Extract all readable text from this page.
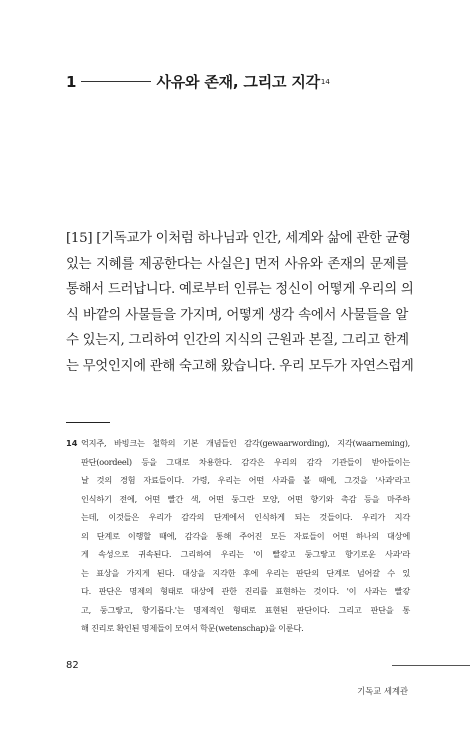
1	사유와 존재, 그리고 지각 14
[15] [기독교가 이처럼 하나님과 인간, 세계와 삶에 관한 균형
있는 지혜를 제공한다는 사실은] 먼저 사유와 존재의 문제를
통해서 드러납니다. 예로부터 인류는 정신이 어떻게 우리의 의
식 바깥의 사물들을 가지며, 어떻게 생각 속에서 사물들을 알
수 있는지, 그리하여 인간의 지식의 근원과 본질, 그리고 한계
는 무엇인지에 관해 숙고해 왔습니다. 우리 모두가 자연스럽게
14 억지주, 바빙크는 철학의 기본 개념들인 감각(gewaarwording), 지각(waarneming),
판단(oordeel) 등을 그대로 차용한다. 감각은 우리의 감각 기관들이 받아들이는
날 것의 경험 자료들이다. 가령, 우리는 어떤 사과를 볼 때에, 그것을 '사과'라고
인식하기 전에, 어떤 빨간 색, 어떤 둥그란 모양, 어떤 향기와 촉감 등을 마주하
는데, 이것들은 우리가 감각의 단계에서 인식하게 되는 것들이다. 우리가 지각
의 단계로 이행할 때에, 감각을 통해 주어진 모든 자료들이 어떤 하나의 대상에
게 속성으로 귀속된다. 그리하여 우리는 '이 빨갛고 둥그랗고 향기로운 사과'라
는 표상을 가지게 된다. 대상을 지각한 후에 우리는 판단의 단계로 넘어갈 수 있
다. 판단은 명제의 형태로 대상에 관한 진리를 표현하는 것이다. '이 사과는 빨갛
고, 둥그랗고, 향기롭다.'는 명제적인 형태로 표현된 판단이다. 그리고 판단을 통
해 진리로 확인된 명제들이 모여서 학문(wetenschap)을 이룬다.
82
기독교 세계관
